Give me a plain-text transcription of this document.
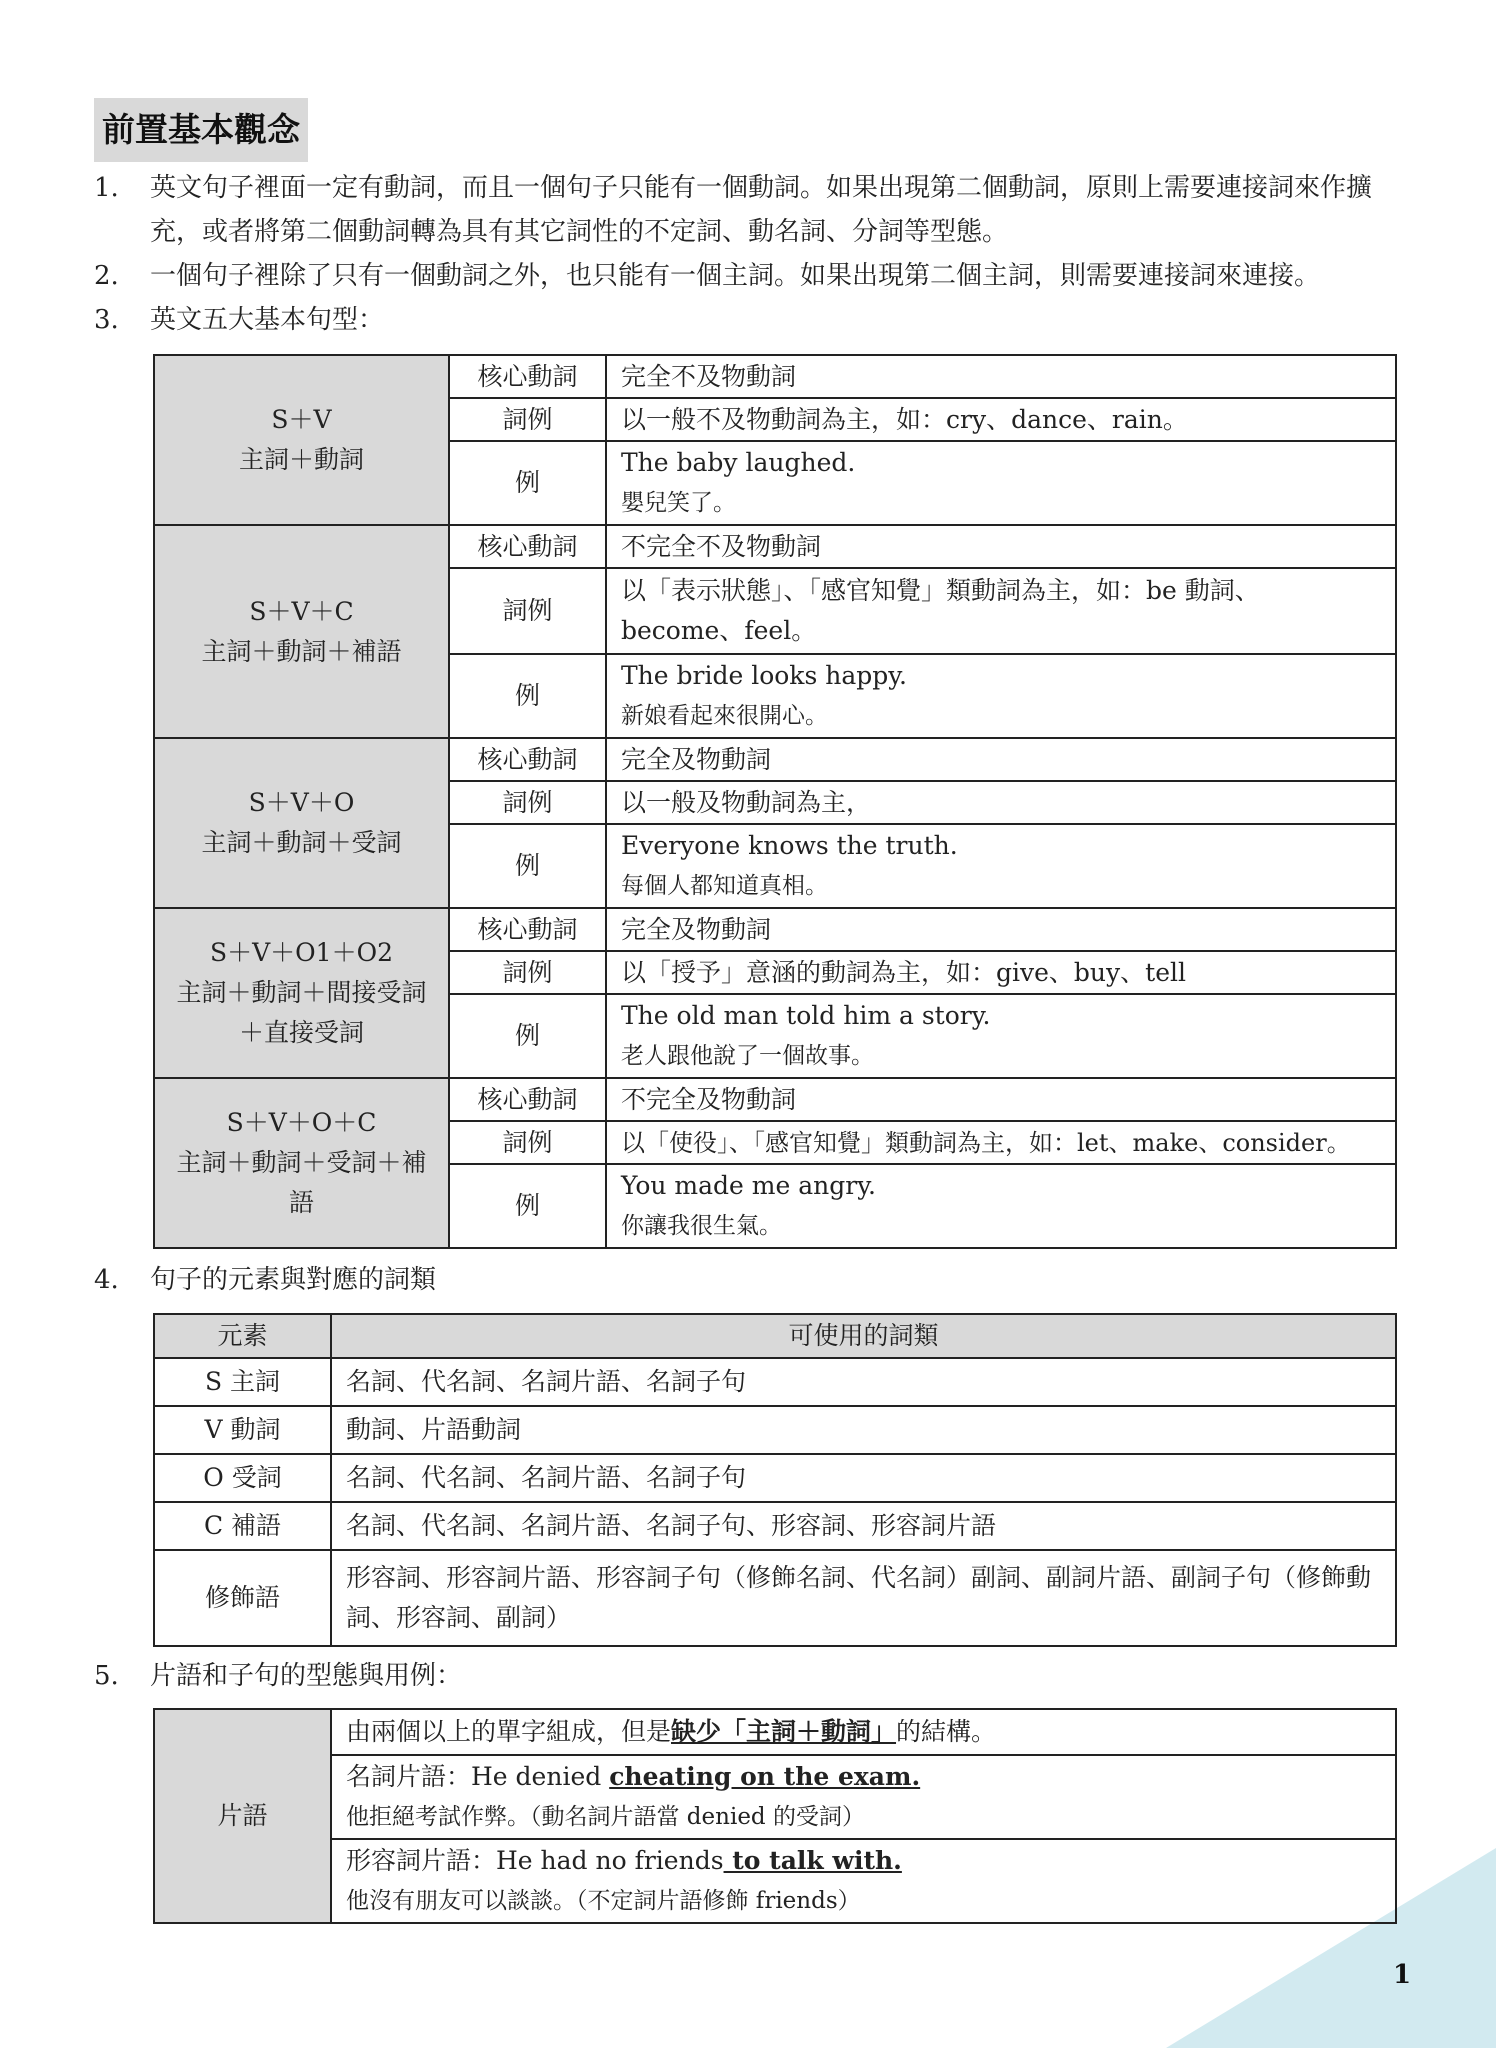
前置基本觀念
1. 英文句子裡面一定有動詞，而且一個句子只能有一個動詞。如果出現第二個動詞，原則上需要連接詞來作擴充，或者將第二個動詞轉為具有其它詞性的不定詞、動名詞、分詞等型態。
2. 一個句子裡除了只有一個動詞之外，也只能有一個主詞。如果出現第二個主詞，則需要連接詞來連接。
3. 英文五大基本句型：
S＋V
主詞＋動詞	核心動詞	完全不及物動詞
	詞例	以一般不及物動詞為主，如：cry、dance、rain。
	例	The baby laughed.
嬰兒笑了。

S＋V＋C
主詞＋動詞＋補語	核心動詞	不完全不及物動詞
	詞例	以「表示狀態」、「感官知覺」類動詞為主，如：be 動詞、become、feel。
	例	The bride looks happy.
新娘看起來很開心。

S＋V＋O
主詞＋動詞＋受詞	核心動詞	完全及物動詞
	詞例	以一般及物動詞為主，
	例	Everyone knows the truth.
每個人都知道真相。

S＋V＋O1＋O2
主詞＋動詞＋間接受詞＋直接受詞	核心動詞	完全及物動詞
	詞例	以「授予」意涵的動詞為主，如：give、buy、tell
	例	The old man told him a story.
老人跟他說了一個故事。

S＋V＋O＋C
主詞＋動詞＋受詞＋補語	核心動詞	不完全及物動詞
	詞例	以「使役」、「感官知覺」類動詞為主，如：let、make、consider。
	例	You made me angry.
你讓我很生氣。
4. 句子的元素與對應的詞類
元素	可使用的詞類
S 主詞	名詞、代名詞、名詞片語、名詞子句
V 動詞	動詞、片語動詞
O 受詞	名詞、代名詞、名詞片語、名詞子句
C 補語	名詞、代名詞、名詞片語、名詞子句、形容詞、形容詞片語
修飾語	形容詞、形容詞片語、形容詞子句（修飾名詞、代名詞）副詞、副詞片語、副詞子句（修飾動詞、形容詞、副詞）
5. 片語和子句的型態與用例：
片語	由兩個以上的單字組成，但是缺少「主詞＋動詞」的結構。

名詞片語：He denied cheating on the exam.
他拒絕考試作弊。（動名詞片語當 denied 的受詞）

形容詞片語：He had no friends to talk with.
他沒有朋友可以談談。（不定詞片語修飾 friends）
1
